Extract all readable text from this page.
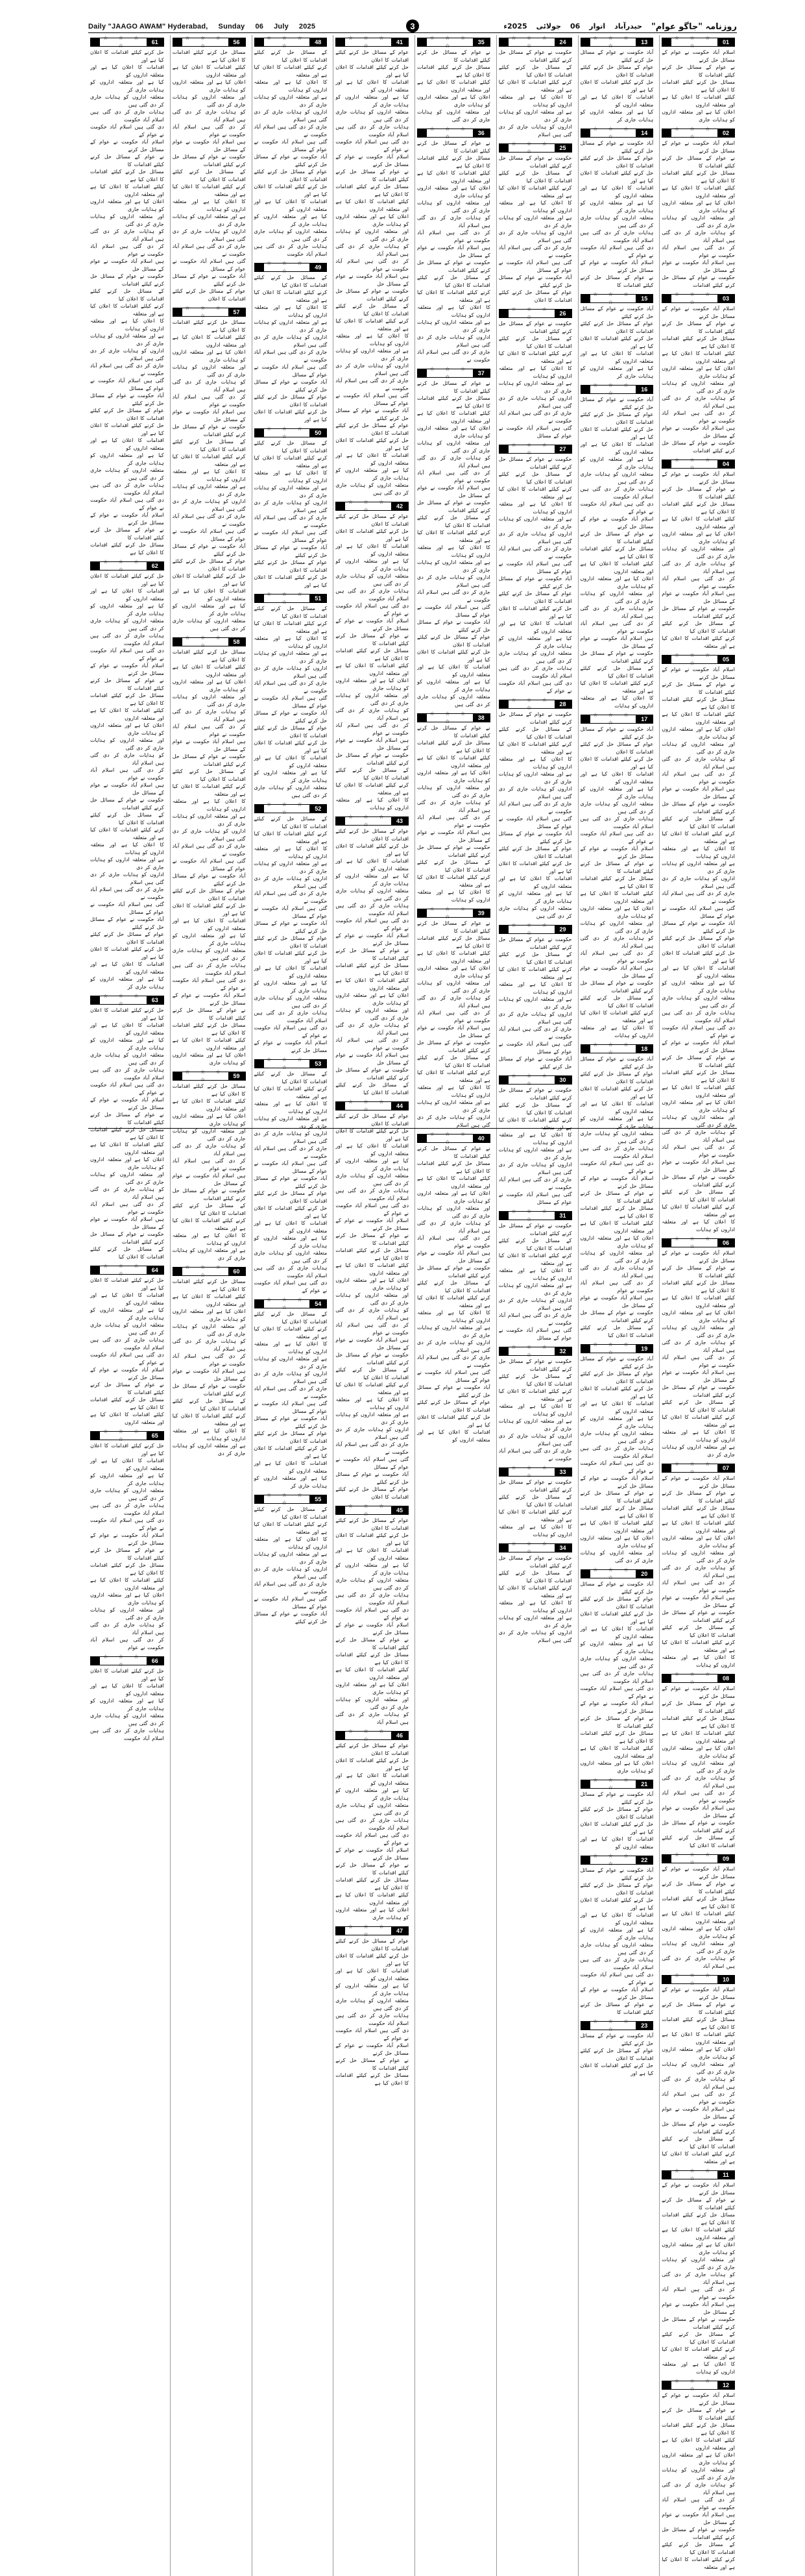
Daily "JAAGO AWAM" Hyderabad, Sunday 06 July 2025	3	روزنامہ "جاگو عوام"
حیدرآباد
اتوار
06
جولائی
2025ء
☆ ☆ ☆ ☆
01
اسلام آباد حکومت نے عوام کے مسائل حل کرنے
نے عوام کے مسائل حل کرنے کیلئے اقدامات کا
مسائل حل کرنے کیلئے اقدامات کا اعلان کیا ہے
کیلئے اقدامات کا اعلان کیا ہے اور متعلقہ اداروں
اعلان کیا ہے اور متعلقہ اداروں کو ہدایات جاری
☆ ☆ ☆ ☆
02
اسلام آباد حکومت نے عوام کے مسائل حل کرنے
نے عوام کے مسائل حل کرنے کیلئے اقدامات کا
مسائل حل کرنے کیلئے اقدامات کا اعلان کیا ہے
کیلئے اقدامات کا اعلان کیا ہے اور متعلقہ اداروں
اعلان کیا ہے اور متعلقہ اداروں کو ہدایات جاری
اور متعلقہ اداروں کو ہدایات جاری کر دی گئی
کو ہدایات جاری کر دی گئی ہیں اسلام آباد
کر دی گئی ہیں اسلام آباد حکومت نے عوام
ہیں اسلام آباد حکومت نے عوام کے مسائل حل
حکومت نے عوام کے مسائل حل کرنے کیلئے اقدامات
☆ ☆ ☆ ☆
03
اسلام آباد حکومت نے عوام کے مسائل حل کرنے
نے عوام کے مسائل حل کرنے کیلئے اقدامات کا
مسائل حل کرنے کیلئے اقدامات کا اعلان کیا ہے
کیلئے اقدامات کا اعلان کیا ہے اور متعلقہ اداروں
اعلان کیا ہے اور متعلقہ اداروں کو ہدایات جاری
اور متعلقہ اداروں کو ہدایات جاری کر دی گئی
کو ہدایات جاری کر دی گئی ہیں اسلام آباد
کر دی گئی ہیں اسلام آباد حکومت نے عوام
ہیں اسلام آباد حکومت نے عوام کے مسائل حل
حکومت نے عوام کے مسائل حل کرنے کیلئے اقدامات
☆ ☆ ☆ ☆
04
اسلام آباد حکومت نے عوام کے مسائل حل کرنے
نے عوام کے مسائل حل کرنے کیلئے اقدامات کا
مسائل حل کرنے کیلئے اقدامات کا اعلان کیا ہے
کیلئے اقدامات کا اعلان کیا ہے اور متعلقہ اداروں
اعلان کیا ہے اور متعلقہ اداروں کو ہدایات جاری
اور متعلقہ اداروں کو ہدایات جاری کر دی گئی
کو ہدایات جاری کر دی گئی ہیں اسلام آباد
کر دی گئی ہیں اسلام آباد حکومت نے عوام
ہیں اسلام آباد حکومت نے عوام کے مسائل حل
حکومت نے عوام کے مسائل حل کرنے کیلئے اقدامات
کے مسائل حل کرنے کیلئے اقدامات کا اعلان کیا
کرنے کیلئے اقدامات کا اعلان کیا ہے اور متعلقہ
☆ ☆ ☆ ☆
05
اسلام آباد حکومت نے عوام کے مسائل حل کرنے
نے عوام کے مسائل حل کرنے کیلئے اقدامات کا
مسائل حل کرنے کیلئے اقدامات کا اعلان کیا ہے
کیلئے اقدامات کا اعلان کیا ہے اور متعلقہ اداروں
اعلان کیا ہے اور متعلقہ اداروں کو ہدایات جاری
اور متعلقہ اداروں کو ہدایات جاری کر دی گئی
کو ہدایات جاری کر دی گئی ہیں اسلام آباد
کر دی گئی ہیں اسلام آباد حکومت نے عوام
ہیں اسلام آباد حکومت نے عوام کے مسائل حل
حکومت نے عوام کے مسائل حل کرنے کیلئے اقدامات
کے مسائل حل کرنے کیلئے اقدامات کا اعلان کیا
کرنے کیلئے اقدامات کا اعلان کیا ہے اور متعلقہ
کا اعلان کیا ہے اور متعلقہ اداروں کو ہدایات
ہے اور متعلقہ اداروں کو ہدایات جاری کر دی
اداروں کو ہدایات جاری کر دی گئی ہیں اسلام
جاری کر دی گئی ہیں اسلام آباد حکومت نے
گئی ہیں اسلام آباد حکومت نے عوام کے مسائل
آباد حکومت نے عوام کے مسائل حل کرنے کیلئے
عوام کے مسائل حل کرنے کیلئے اقدامات کا اعلان
حل کرنے کیلئے اقدامات کا اعلان کیا ہے اور
اقدامات کا اعلان کیا ہے اور متعلقہ اداروں کو
کیا ہے اور متعلقہ اداروں کو ہدایات جاری کر
متعلقہ اداروں کو ہدایات جاری کر دی گئی ہیں
ہدایات جاری کر دی گئی ہیں اسلام آباد حکومت
دی گئی ہیں اسلام آباد حکومت نے عوام کے
اسلام آباد حکومت نے عوام کے مسائل حل کرنے
نے عوام کے مسائل حل کرنے کیلئے اقدامات کا
مسائل حل کرنے کیلئے اقدامات کا اعلان کیا ہے
کیلئے اقدامات کا اعلان کیا ہے اور متعلقہ اداروں
اعلان کیا ہے اور متعلقہ اداروں کو ہدایات جاری
اور متعلقہ اداروں کو ہدایات جاری کر دی گئی
کو ہدایات جاری کر دی گئی ہیں اسلام آباد
کر دی گئی ہیں اسلام آباد حکومت نے عوام
ہیں اسلام آباد حکومت نے عوام کے مسائل حل
حکومت نے عوام کے مسائل حل کرنے کیلئے اقدامات
کے مسائل حل کرنے کیلئے اقدامات کا اعلان کیا
کرنے کیلئے اقدامات کا اعلان کیا ہے اور متعلقہ
کا اعلان کیا ہے اور متعلقہ اداروں کو ہدایات
☆ ☆ ☆ ☆
06
اسلام آباد حکومت نے عوام کے مسائل حل کرنے
نے عوام کے مسائل حل کرنے کیلئے اقدامات کا
مسائل حل کرنے کیلئے اقدامات کا اعلان کیا ہے
کیلئے اقدامات کا اعلان کیا ہے اور متعلقہ اداروں
اعلان کیا ہے اور متعلقہ اداروں کو ہدایات جاری
اور متعلقہ اداروں کو ہدایات جاری کر دی گئی
کو ہدایات جاری کر دی گئی ہیں اسلام آباد
کر دی گئی ہیں اسلام آباد حکومت نے عوام
ہیں اسلام آباد حکومت نے عوام کے مسائل حل
حکومت نے عوام کے مسائل حل کرنے کیلئے اقدامات
کے مسائل حل کرنے کیلئے اقدامات کا اعلان کیا
کرنے کیلئے اقدامات کا اعلان کیا ہے اور متعلقہ
کا اعلان کیا ہے اور متعلقہ اداروں کو ہدایات
ہے اور متعلقہ اداروں کو ہدایات جاری کر دی
☆ ☆ ☆ ☆
07
اسلام آباد حکومت نے عوام کے مسائل حل کرنے
نے عوام کے مسائل حل کرنے کیلئے اقدامات کا
مسائل حل کرنے کیلئے اقدامات کا اعلان کیا ہے
کیلئے اقدامات کا اعلان کیا ہے اور متعلقہ اداروں
اعلان کیا ہے اور متعلقہ اداروں کو ہدایات جاری
اور متعلقہ اداروں کو ہدایات جاری کر دی گئی
کو ہدایات جاری کر دی گئی ہیں اسلام آباد
کر دی گئی ہیں اسلام آباد حکومت نے عوام
ہیں اسلام آباد حکومت نے عوام کے مسائل حل
حکومت نے عوام کے مسائل حل کرنے کیلئے اقدامات
کے مسائل حل کرنے کیلئے اقدامات کا اعلان کیا
کرنے کیلئے اقدامات کا اعلان کیا ہے اور متعلقہ
کا اعلان کیا ہے اور متعلقہ اداروں کو ہدایات
☆ ☆ ☆ ☆
08
اسلام آباد حکومت نے عوام کے مسائل حل کرنے
نے عوام کے مسائل حل کرنے کیلئے اقدامات کا
مسائل حل کرنے کیلئے اقدامات کا اعلان کیا ہے
کیلئے اقدامات کا اعلان کیا ہے اور متعلقہ اداروں
اعلان کیا ہے اور متعلقہ اداروں کو ہدایات جاری
اور متعلقہ اداروں کو ہدایات جاری کر دی گئی
کو ہدایات جاری کر دی گئی ہیں اسلام آباد
کر دی گئی ہیں اسلام آباد حکومت نے عوام
ہیں اسلام آباد حکومت نے عوام کے مسائل حل
حکومت نے عوام کے مسائل حل کرنے کیلئے اقدامات
کے مسائل حل کرنے کیلئے اقدامات کا اعلان کیا
☆ ☆ ☆ ☆
09
اسلام آباد حکومت نے عوام کے مسائل حل کرنے
نے عوام کے مسائل حل کرنے کیلئے اقدامات کا
مسائل حل کرنے کیلئے اقدامات کا اعلان کیا ہے
کیلئے اقدامات کا اعلان کیا ہے اور متعلقہ اداروں
اعلان کیا ہے اور متعلقہ اداروں کو ہدایات جاری
اور متعلقہ اداروں کو ہدایات جاری کر دی گئی
کو ہدایات جاری کر دی گئی ہیں اسلام آباد
☆ ☆ ☆ ☆
10
اسلام آباد حکومت نے عوام کے مسائل حل کرنے
نے عوام کے مسائل حل کرنے کیلئے اقدامات کا
مسائل حل کرنے کیلئے اقدامات کا اعلان کیا ہے
کیلئے اقدامات کا اعلان کیا ہے اور متعلقہ اداروں
اعلان کیا ہے اور متعلقہ اداروں کو ہدایات جاری
اور متعلقہ اداروں کو ہدایات جاری کر دی گئی
کو ہدایات جاری کر دی گئی ہیں اسلام آباد
کر دی گئی ہیں اسلام آباد حکومت نے عوام
ہیں اسلام آباد حکومت نے عوام کے مسائل حل
حکومت نے عوام کے مسائل حل کرنے کیلئے اقدامات
کے مسائل حل کرنے کیلئے اقدامات کا اعلان کیا
کرنے کیلئے اقدامات کا اعلان کیا ہے اور متعلقہ
☆ ☆ ☆ ☆
11
اسلام آباد حکومت نے عوام کے مسائل حل کرنے
نے عوام کے مسائل حل کرنے کیلئے اقدامات کا
مسائل حل کرنے کیلئے اقدامات کا اعلان کیا ہے
کیلئے اقدامات کا اعلان کیا ہے اور متعلقہ اداروں
اعلان کیا ہے اور متعلقہ اداروں کو ہدایات جاری
اور متعلقہ اداروں کو ہدایات جاری کر دی گئی
کو ہدایات جاری کر دی گئی ہیں اسلام آباد
کر دی گئی ہیں اسلام آباد حکومت نے عوام
ہیں اسلام آباد حکومت نے عوام کے مسائل حل
حکومت نے عوام کے مسائل حل کرنے کیلئے اقدامات
کے مسائل حل کرنے کیلئے اقدامات کا اعلان کیا
کرنے کیلئے اقدامات کا اعلان کیا ہے اور متعلقہ
کا اعلان کیا ہے اور متعلقہ اداروں کو ہدایات
☆ ☆ ☆ ☆
12
اسلام آباد حکومت نے عوام کے مسائل حل کرنے
نے عوام کے مسائل حل کرنے کیلئے اقدامات کا
مسائل حل کرنے کیلئے اقدامات کا اعلان کیا ہے
کیلئے اقدامات کا اعلان کیا ہے اور متعلقہ اداروں
اعلان کیا ہے اور متعلقہ اداروں کو ہدایات جاری
اور متعلقہ اداروں کو ہدایات جاری کر دی گئی
کو ہدایات جاری کر دی گئی ہیں اسلام آباد
کر دی گئی ہیں اسلام آباد حکومت نے عوام
ہیں اسلام آباد حکومت نے عوام کے مسائل حل
حکومت نے عوام کے مسائل حل کرنے کیلئے اقدامات
کے مسائل حل کرنے کیلئے اقدامات کا اعلان کیا
کرنے کیلئے اقدامات کا اعلان کیا ہے اور متعلقہ
☆ ☆ ☆ ☆
13
آباد حکومت نے عوام کے مسائل حل کرنے کیلئے
عوام کے مسائل حل کرنے کیلئے اقدامات کا اعلان
حل کرنے کیلئے اقدامات کا اعلان کیا ہے اور
اقدامات کا اعلان کیا ہے اور متعلقہ اداروں کو
کیا ہے اور متعلقہ اداروں کو ہدایات جاری کر
☆ ☆ ☆ ☆
14
آباد حکومت نے عوام کے مسائل حل کرنے کیلئے
عوام کے مسائل حل کرنے کیلئے اقدامات کا اعلان
حل کرنے کیلئے اقدامات کا اعلان کیا ہے اور
اقدامات کا اعلان کیا ہے اور متعلقہ اداروں کو
کیا ہے اور متعلقہ اداروں کو ہدایات جاری کر
متعلقہ اداروں کو ہدایات جاری کر دی گئی ہیں
ہدایات جاری کر دی گئی ہیں اسلام آباد حکومت
دی گئی ہیں اسلام آباد حکومت نے عوام کے
اسلام آباد حکومت نے عوام کے مسائل حل کرنے
نے عوام کے مسائل حل کرنے کیلئے اقدامات کا
☆ ☆ ☆ ☆
15
آباد حکومت نے عوام کے مسائل حل کرنے کیلئے
عوام کے مسائل حل کرنے کیلئے اقدامات کا اعلان
حل کرنے کیلئے اقدامات کا اعلان کیا ہے اور
اقدامات کا اعلان کیا ہے اور متعلقہ اداروں کو
کیا ہے اور متعلقہ اداروں کو ہدایات جاری کر
☆ ☆ ☆ ☆
16
آباد حکومت نے عوام کے مسائل حل کرنے کیلئے
عوام کے مسائل حل کرنے کیلئے اقدامات کا اعلان
حل کرنے کیلئے اقدامات کا اعلان کیا ہے اور
اقدامات کا اعلان کیا ہے اور متعلقہ اداروں کو
کیا ہے اور متعلقہ اداروں کو ہدایات جاری کر
متعلقہ اداروں کو ہدایات جاری کر دی گئی ہیں
ہدایات جاری کر دی گئی ہیں اسلام آباد حکومت
دی گئی ہیں اسلام آباد حکومت نے عوام کے
اسلام آباد حکومت نے عوام کے مسائل حل کرنے
نے عوام کے مسائل حل کرنے کیلئے اقدامات کا
مسائل حل کرنے کیلئے اقدامات کا اعلان کیا ہے
کیلئے اقدامات کا اعلان کیا ہے اور متعلقہ اداروں
اعلان کیا ہے اور متعلقہ اداروں کو ہدایات جاری
اور متعلقہ اداروں کو ہدایات جاری کر دی گئی
کو ہدایات جاری کر دی گئی ہیں اسلام آباد
کر دی گئی ہیں اسلام آباد حکومت نے عوام
ہیں اسلام آباد حکومت نے عوام کے مسائل حل
حکومت نے عوام کے مسائل حل کرنے کیلئے اقدامات
کے مسائل حل کرنے کیلئے اقدامات کا اعلان کیا
کرنے کیلئے اقدامات کا اعلان کیا ہے اور متعلقہ
کا اعلان کیا ہے اور متعلقہ اداروں کو ہدایات
☆ ☆ ☆ ☆
17
آباد حکومت نے عوام کے مسائل حل کرنے کیلئے
عوام کے مسائل حل کرنے کیلئے اقدامات کا اعلان
حل کرنے کیلئے اقدامات کا اعلان کیا ہے اور
اقدامات کا اعلان کیا ہے اور متعلقہ اداروں کو
کیا ہے اور متعلقہ اداروں کو ہدایات جاری کر
متعلقہ اداروں کو ہدایات جاری کر دی گئی ہیں
ہدایات جاری کر دی گئی ہیں اسلام آباد حکومت
دی گئی ہیں اسلام آباد حکومت نے عوام کے
اسلام آباد حکومت نے عوام کے مسائل حل کرنے
نے عوام کے مسائل حل کرنے کیلئے اقدامات کا
مسائل حل کرنے کیلئے اقدامات کا اعلان کیا ہے
کیلئے اقدامات کا اعلان کیا ہے اور متعلقہ اداروں
اعلان کیا ہے اور متعلقہ اداروں کو ہدایات جاری
اور متعلقہ اداروں کو ہدایات جاری کر دی گئی
کو ہدایات جاری کر دی گئی ہیں اسلام آباد
کر دی گئی ہیں اسلام آباد حکومت نے عوام
ہیں اسلام آباد حکومت نے عوام کے مسائل حل
حکومت نے عوام کے مسائل حل کرنے کیلئے اقدامات
کے مسائل حل کرنے کیلئے اقدامات کا اعلان کیا
کرنے کیلئے اقدامات کا اعلان کیا ہے اور متعلقہ
کا اعلان کیا ہے اور متعلقہ اداروں کو ہدایات
☆ ☆ ☆ ☆
18
آباد حکومت نے عوام کے مسائل حل کرنے کیلئے
عوام کے مسائل حل کرنے کیلئے اقدامات کا اعلان
حل کرنے کیلئے اقدامات کا اعلان کیا ہے اور
اقدامات کا اعلان کیا ہے اور متعلقہ اداروں کو
کیا ہے اور متعلقہ اداروں کو ہدایات جاری کر
متعلقہ اداروں کو ہدایات جاری کر دی گئی ہیں
ہدایات جاری کر دی گئی ہیں اسلام آباد حکومت
دی گئی ہیں اسلام آباد حکومت نے عوام کے
اسلام آباد حکومت نے عوام کے مسائل حل کرنے
نے عوام کے مسائل حل کرنے کیلئے اقدامات کا
مسائل حل کرنے کیلئے اقدامات کا اعلان کیا ہے
کیلئے اقدامات کا اعلان کیا ہے اور متعلقہ اداروں
اعلان کیا ہے اور متعلقہ اداروں کو ہدایات جاری
اور متعلقہ اداروں کو ہدایات جاری کر دی گئی
کو ہدایات جاری کر دی گئی ہیں اسلام آباد
کر دی گئی ہیں اسلام آباد حکومت نے عوام
ہیں اسلام آباد حکومت نے عوام کے مسائل حل
حکومت نے عوام کے مسائل حل کرنے کیلئے اقدامات
کے مسائل حل کرنے کیلئے اقدامات کا اعلان کیا
☆ ☆ ☆ ☆
19
آباد حکومت نے عوام کے مسائل حل کرنے کیلئے
عوام کے مسائل حل کرنے کیلئے اقدامات کا اعلان
حل کرنے کیلئے اقدامات کا اعلان کیا ہے اور
اقدامات کا اعلان کیا ہے اور متعلقہ اداروں کو
کیا ہے اور متعلقہ اداروں کو ہدایات جاری کر
متعلقہ اداروں کو ہدایات جاری کر دی گئی ہیں
ہدایات جاری کر دی گئی ہیں اسلام آباد حکومت
دی گئی ہیں اسلام آباد حکومت نے عوام کے
اسلام آباد حکومت نے عوام کے مسائل حل کرنے
نے عوام کے مسائل حل کرنے کیلئے اقدامات کا
مسائل حل کرنے کیلئے اقدامات کا اعلان کیا ہے
کیلئے اقدامات کا اعلان کیا ہے اور متعلقہ اداروں
اعلان کیا ہے اور متعلقہ اداروں کو ہدایات جاری
اور متعلقہ اداروں کو ہدایات جاری کر دی گئی
☆ ☆ ☆ ☆
20
آباد حکومت نے عوام کے مسائل حل کرنے کیلئے
عوام کے مسائل حل کرنے کیلئے اقدامات کا اعلان
حل کرنے کیلئے اقدامات کا اعلان کیا ہے اور
اقدامات کا اعلان کیا ہے اور متعلقہ اداروں کو
کیا ہے اور متعلقہ اداروں کو ہدایات جاری کر
متعلقہ اداروں کو ہدایات جاری کر دی گئی ہیں
ہدایات جاری کر دی گئی ہیں اسلام آباد حکومت
دی گئی ہیں اسلام آباد حکومت نے عوام کے
اسلام آباد حکومت نے عوام کے مسائل حل کرنے
نے عوام کے مسائل حل کرنے کیلئے اقدامات کا
مسائل حل کرنے کیلئے اقدامات کا اعلان کیا ہے
کیلئے اقدامات کا اعلان کیا ہے اور متعلقہ اداروں
اعلان کیا ہے اور متعلقہ اداروں کو ہدایات جاری
☆ ☆ ☆ ☆
21
آباد حکومت نے عوام کے مسائل حل کرنے کیلئے
عوام کے مسائل حل کرنے کیلئے اقدامات کا اعلان
حل کرنے کیلئے اقدامات کا اعلان کیا ہے اور
اقدامات کا اعلان کیا ہے اور متعلقہ اداروں کو
☆ ☆ ☆ ☆
22
آباد حکومت نے عوام کے مسائل حل کرنے کیلئے
عوام کے مسائل حل کرنے کیلئے اقدامات کا اعلان
حل کرنے کیلئے اقدامات کا اعلان کیا ہے اور
اقدامات کا اعلان کیا ہے اور متعلقہ اداروں کو
کیا ہے اور متعلقہ اداروں کو ہدایات جاری کر
متعلقہ اداروں کو ہدایات جاری کر دی گئی ہیں
ہدایات جاری کر دی گئی ہیں اسلام آباد حکومت
دی گئی ہیں اسلام آباد حکومت نے عوام کے
اسلام آباد حکومت نے عوام کے مسائل حل کرنے
نے عوام کے مسائل حل کرنے کیلئے اقدامات کا
☆ ☆ ☆ ☆
23
آباد حکومت نے عوام کے مسائل حل کرنے کیلئے
عوام کے مسائل حل کرنے کیلئے اقدامات کا اعلان
حل کرنے کیلئے اقدامات کا اعلان کیا ہے اور
☆ ☆ ☆ ☆
24
حکومت نے عوام کے مسائل حل کرنے کیلئے اقدامات
کے مسائل حل کرنے کیلئے اقدامات کا اعلان کیا
کرنے کیلئے اقدامات کا اعلان کیا ہے اور متعلقہ
کا اعلان کیا ہے اور متعلقہ اداروں کو ہدایات
ہے اور متعلقہ اداروں کو ہدایات جاری کر دی
اداروں کو ہدایات جاری کر دی گئی ہیں اسلام
☆ ☆ ☆ ☆
25
حکومت نے عوام کے مسائل حل کرنے کیلئے اقدامات
کے مسائل حل کرنے کیلئے اقدامات کا اعلان کیا
کرنے کیلئے اقدامات کا اعلان کیا ہے اور متعلقہ
کا اعلان کیا ہے اور متعلقہ اداروں کو ہدایات
ہے اور متعلقہ اداروں کو ہدایات جاری کر دی
اداروں کو ہدایات جاری کر دی گئی ہیں اسلام
جاری کر دی گئی ہیں اسلام آباد حکومت نے
گئی ہیں اسلام آباد حکومت نے عوام کے مسائل
آباد حکومت نے عوام کے مسائل حل کرنے کیلئے
عوام کے مسائل حل کرنے کیلئے اقدامات کا اعلان
☆ ☆ ☆ ☆
26
حکومت نے عوام کے مسائل حل کرنے کیلئے اقدامات
کے مسائل حل کرنے کیلئے اقدامات کا اعلان کیا
کرنے کیلئے اقدامات کا اعلان کیا ہے اور متعلقہ
کا اعلان کیا ہے اور متعلقہ اداروں کو ہدایات
ہے اور متعلقہ اداروں کو ہدایات جاری کر دی
اداروں کو ہدایات جاری کر دی گئی ہیں اسلام
جاری کر دی گئی ہیں اسلام آباد حکومت نے
گئی ہیں اسلام آباد حکومت نے عوام کے مسائل
☆ ☆ ☆ ☆
27
حکومت نے عوام کے مسائل حل کرنے کیلئے اقدامات
کے مسائل حل کرنے کیلئے اقدامات کا اعلان کیا
کرنے کیلئے اقدامات کا اعلان کیا ہے اور متعلقہ
کا اعلان کیا ہے اور متعلقہ اداروں کو ہدایات
ہے اور متعلقہ اداروں کو ہدایات جاری کر دی
اداروں کو ہدایات جاری کر دی گئی ہیں اسلام
جاری کر دی گئی ہیں اسلام آباد حکومت نے
گئی ہیں اسلام آباد حکومت نے عوام کے مسائل
آباد حکومت نے عوام کے مسائل حل کرنے کیلئے
عوام کے مسائل حل کرنے کیلئے اقدامات کا اعلان
حل کرنے کیلئے اقدامات کا اعلان کیا ہے اور
اقدامات کا اعلان کیا ہے اور متعلقہ اداروں کو
کیا ہے اور متعلقہ اداروں کو ہدایات جاری کر
متعلقہ اداروں کو ہدایات جاری کر دی گئی ہیں
ہدایات جاری کر دی گئی ہیں اسلام آباد حکومت
دی گئی ہیں اسلام آباد حکومت نے عوام کے
☆ ☆ ☆ ☆
28
حکومت نے عوام کے مسائل حل کرنے کیلئے اقدامات
کے مسائل حل کرنے کیلئے اقدامات کا اعلان کیا
کرنے کیلئے اقدامات کا اعلان کیا ہے اور متعلقہ
کا اعلان کیا ہے اور متعلقہ اداروں کو ہدایات
ہے اور متعلقہ اداروں کو ہدایات جاری کر دی
اداروں کو ہدایات جاری کر دی گئی ہیں اسلام
جاری کر دی گئی ہیں اسلام آباد حکومت نے
گئی ہیں اسلام آباد حکومت نے عوام کے مسائل
آباد حکومت نے عوام کے مسائل حل کرنے کیلئے
عوام کے مسائل حل کرنے کیلئے اقدامات کا اعلان
حل کرنے کیلئے اقدامات کا اعلان کیا ہے اور
اقدامات کا اعلان کیا ہے اور متعلقہ اداروں کو
کیا ہے اور متعلقہ اداروں کو ہدایات جاری کر
متعلقہ اداروں کو ہدایات جاری کر دی گئی ہیں
☆ ☆ ☆ ☆
29
حکومت نے عوام کے مسائل حل کرنے کیلئے اقدامات
کے مسائل حل کرنے کیلئے اقدامات کا اعلان کیا
کرنے کیلئے اقدامات کا اعلان کیا ہے اور متعلقہ
کا اعلان کیا ہے اور متعلقہ اداروں کو ہدایات
ہے اور متعلقہ اداروں کو ہدایات جاری کر دی
اداروں کو ہدایات جاری کر دی گئی ہیں اسلام
جاری کر دی گئی ہیں اسلام آباد حکومت نے
گئی ہیں اسلام آباد حکومت نے عوام کے مسائل
آباد حکومت نے عوام کے مسائل حل کرنے کیلئے
☆ ☆ ☆ ☆
30
حکومت نے عوام کے مسائل حل کرنے کیلئے اقدامات
کے مسائل حل کرنے کیلئے اقدامات کا اعلان کیا
کرنے کیلئے اقدامات کا اعلان کیا ہے اور متعلقہ
کا اعلان کیا ہے اور متعلقہ اداروں کو ہدایات
ہے اور متعلقہ اداروں کو ہدایات جاری کر دی
اداروں کو ہدایات جاری کر دی گئی ہیں اسلام
جاری کر دی گئی ہیں اسلام آباد حکومت نے
گئی ہیں اسلام آباد حکومت نے عوام کے مسائل
☆ ☆ ☆ ☆
31
حکومت نے عوام کے مسائل حل کرنے کیلئے اقدامات
کے مسائل حل کرنے کیلئے اقدامات کا اعلان کیا
کرنے کیلئے اقدامات کا اعلان کیا ہے اور متعلقہ
کا اعلان کیا ہے اور متعلقہ اداروں کو ہدایات
ہے اور متعلقہ اداروں کو ہدایات جاری کر دی
اداروں کو ہدایات جاری کر دی گئی ہیں اسلام
جاری کر دی گئی ہیں اسلام آباد حکومت نے
گئی ہیں اسلام آباد حکومت نے عوام کے مسائل
☆ ☆ ☆ ☆
32
حکومت نے عوام کے مسائل حل کرنے کیلئے اقدامات
کے مسائل حل کرنے کیلئے اقدامات کا اعلان کیا
کرنے کیلئے اقدامات کا اعلان کیا ہے اور متعلقہ
کا اعلان کیا ہے اور متعلقہ اداروں کو ہدایات
ہے اور متعلقہ اداروں کو ہدایات جاری کر دی
اداروں کو ہدایات جاری کر دی گئی ہیں اسلام
جاری کر دی گئی ہیں اسلام آباد حکومت نے
☆ ☆ ☆ ☆
33
حکومت نے عوام کے مسائل حل کرنے کیلئے اقدامات
کے مسائل حل کرنے کیلئے اقدامات کا اعلان کیا
کرنے کیلئے اقدامات کا اعلان کیا ہے اور متعلقہ
کا اعلان کیا ہے اور متعلقہ اداروں کو ہدایات
☆ ☆ ☆ ☆
34
حکومت نے عوام کے مسائل حل کرنے کیلئے اقدامات
کے مسائل حل کرنے کیلئے اقدامات کا اعلان کیا
کرنے کیلئے اقدامات کا اعلان کیا ہے اور متعلقہ
کا اعلان کیا ہے اور متعلقہ اداروں کو ہدایات
ہے اور متعلقہ اداروں کو ہدایات جاری کر دی
اداروں کو ہدایات جاری کر دی گئی ہیں اسلام
☆ ☆ ☆ ☆
35
نے عوام کے مسائل حل کرنے کیلئے اقدامات کا
مسائل حل کرنے کیلئے اقدامات کا اعلان کیا ہے
کیلئے اقدامات کا اعلان کیا ہے اور متعلقہ اداروں
اعلان کیا ہے اور متعلقہ اداروں کو ہدایات جاری
اور متعلقہ اداروں کو ہدایات جاری کر دی گئی
☆ ☆ ☆ ☆
36
نے عوام کے مسائل حل کرنے کیلئے اقدامات کا
مسائل حل کرنے کیلئے اقدامات کا اعلان کیا ہے
کیلئے اقدامات کا اعلان کیا ہے اور متعلقہ اداروں
اعلان کیا ہے اور متعلقہ اداروں کو ہدایات جاری
اور متعلقہ اداروں کو ہدایات جاری کر دی گئی
کو ہدایات جاری کر دی گئی ہیں اسلام آباد
کر دی گئی ہیں اسلام آباد حکومت نے عوام
ہیں اسلام آباد حکومت نے عوام کے مسائل حل
حکومت نے عوام کے مسائل حل کرنے کیلئے اقدامات
کے مسائل حل کرنے کیلئے اقدامات کا اعلان کیا
کرنے کیلئے اقدامات کا اعلان کیا ہے اور متعلقہ
کا اعلان کیا ہے اور متعلقہ اداروں کو ہدایات
ہے اور متعلقہ اداروں کو ہدایات جاری کر دی
اداروں کو ہدایات جاری کر دی گئی ہیں اسلام
جاری کر دی گئی ہیں اسلام آباد حکومت نے
☆ ☆ ☆ ☆
37
نے عوام کے مسائل حل کرنے کیلئے اقدامات کا
مسائل حل کرنے کیلئے اقدامات کا اعلان کیا ہے
کیلئے اقدامات کا اعلان کیا ہے اور متعلقہ اداروں
اعلان کیا ہے اور متعلقہ اداروں کو ہدایات جاری
اور متعلقہ اداروں کو ہدایات جاری کر دی گئی
کو ہدایات جاری کر دی گئی ہیں اسلام آباد
کر دی گئی ہیں اسلام آباد حکومت نے عوام
ہیں اسلام آباد حکومت نے عوام کے مسائل حل
حکومت نے عوام کے مسائل حل کرنے کیلئے اقدامات
کے مسائل حل کرنے کیلئے اقدامات کا اعلان کیا
کرنے کیلئے اقدامات کا اعلان کیا ہے اور متعلقہ
کا اعلان کیا ہے اور متعلقہ اداروں کو ہدایات
ہے اور متعلقہ اداروں کو ہدایات جاری کر دی
اداروں کو ہدایات جاری کر دی گئی ہیں اسلام
جاری کر دی گئی ہیں اسلام آباد حکومت نے
گئی ہیں اسلام آباد حکومت نے عوام کے مسائل
آباد حکومت نے عوام کے مسائل حل کرنے کیلئے
عوام کے مسائل حل کرنے کیلئے اقدامات کا اعلان
حل کرنے کیلئے اقدامات کا اعلان کیا ہے اور
اقدامات کا اعلان کیا ہے اور متعلقہ اداروں کو
کیا ہے اور متعلقہ اداروں کو ہدایات جاری کر
متعلقہ اداروں کو ہدایات جاری کر دی گئی ہیں
☆ ☆ ☆ ☆
38
نے عوام کے مسائل حل کرنے کیلئے اقدامات کا
مسائل حل کرنے کیلئے اقدامات کا اعلان کیا ہے
کیلئے اقدامات کا اعلان کیا ہے اور متعلقہ اداروں
اعلان کیا ہے اور متعلقہ اداروں کو ہدایات جاری
اور متعلقہ اداروں کو ہدایات جاری کر دی گئی
کو ہدایات جاری کر دی گئی ہیں اسلام آباد
کر دی گئی ہیں اسلام آباد حکومت نے عوام
ہیں اسلام آباد حکومت نے عوام کے مسائل حل
حکومت نے عوام کے مسائل حل کرنے کیلئے اقدامات
کے مسائل حل کرنے کیلئے اقدامات کا اعلان کیا
کرنے کیلئے اقدامات کا اعلان کیا ہے اور متعلقہ
کا اعلان کیا ہے اور متعلقہ اداروں کو ہدایات
☆ ☆ ☆ ☆
39
نے عوام کے مسائل حل کرنے کیلئے اقدامات کا
مسائل حل کرنے کیلئے اقدامات کا اعلان کیا ہے
کیلئے اقدامات کا اعلان کیا ہے اور متعلقہ اداروں
اعلان کیا ہے اور متعلقہ اداروں کو ہدایات جاری
اور متعلقہ اداروں کو ہدایات جاری کر دی گئی
کو ہدایات جاری کر دی گئی ہیں اسلام آباد
کر دی گئی ہیں اسلام آباد حکومت نے عوام
ہیں اسلام آباد حکومت نے عوام کے مسائل حل
حکومت نے عوام کے مسائل حل کرنے کیلئے اقدامات
کے مسائل حل کرنے کیلئے اقدامات کا اعلان کیا
کرنے کیلئے اقدامات کا اعلان کیا ہے اور متعلقہ
کا اعلان کیا ہے اور متعلقہ اداروں کو ہدایات
ہے اور متعلقہ اداروں کو ہدایات جاری کر دی
اداروں کو ہدایات جاری کر دی گئی ہیں اسلام
☆ ☆ ☆ ☆
40
نے عوام کے مسائل حل کرنے کیلئے اقدامات کا
مسائل حل کرنے کیلئے اقدامات کا اعلان کیا ہے
کیلئے اقدامات کا اعلان کیا ہے اور متعلقہ اداروں
اعلان کیا ہے اور متعلقہ اداروں کو ہدایات جاری
اور متعلقہ اداروں کو ہدایات جاری کر دی گئی
کو ہدایات جاری کر دی گئی ہیں اسلام آباد
کر دی گئی ہیں اسلام آباد حکومت نے عوام
ہیں اسلام آباد حکومت نے عوام کے مسائل حل
حکومت نے عوام کے مسائل حل کرنے کیلئے اقدامات
کے مسائل حل کرنے کیلئے اقدامات کا اعلان کیا
کرنے کیلئے اقدامات کا اعلان کیا ہے اور متعلقہ
کا اعلان کیا ہے اور متعلقہ اداروں کو ہدایات
ہے اور متعلقہ اداروں کو ہدایات جاری کر دی
اداروں کو ہدایات جاری کر دی گئی ہیں اسلام
جاری کر دی گئی ہیں اسلام آباد حکومت نے
گئی ہیں اسلام آباد حکومت نے عوام کے مسائل
آباد حکومت نے عوام کے مسائل حل کرنے کیلئے
عوام کے مسائل حل کرنے کیلئے اقدامات کا اعلان
حل کرنے کیلئے اقدامات کا اعلان کیا ہے اور
اقدامات کا اعلان کیا ہے اور متعلقہ اداروں کو
☆ ☆ ☆ ☆
41
عوام کے مسائل حل کرنے کیلئے اقدامات کا اعلان
حل کرنے کیلئے اقدامات کا اعلان کیا ہے اور
اقدامات کا اعلان کیا ہے اور متعلقہ اداروں کو
کیا ہے اور متعلقہ اداروں کو ہدایات جاری کر
متعلقہ اداروں کو ہدایات جاری کر دی گئی ہیں
ہدایات جاری کر دی گئی ہیں اسلام آباد حکومت
دی گئی ہیں اسلام آباد حکومت نے عوام کے
اسلام آباد حکومت نے عوام کے مسائل حل کرنے
نے عوام کے مسائل حل کرنے کیلئے اقدامات کا
مسائل حل کرنے کیلئے اقدامات کا اعلان کیا ہے
کیلئے اقدامات کا اعلان کیا ہے اور متعلقہ اداروں
اعلان کیا ہے اور متعلقہ اداروں کو ہدایات جاری
اور متعلقہ اداروں کو ہدایات جاری کر دی گئی
کو ہدایات جاری کر دی گئی ہیں اسلام آباد
کر دی گئی ہیں اسلام آباد حکومت نے عوام
ہیں اسلام آباد حکومت نے عوام کے مسائل حل
حکومت نے عوام کے مسائل حل کرنے کیلئے اقدامات
کے مسائل حل کرنے کیلئے اقدامات کا اعلان کیا
کرنے کیلئے اقدامات کا اعلان کیا ہے اور متعلقہ
کا اعلان کیا ہے اور متعلقہ اداروں کو ہدایات
ہے اور متعلقہ اداروں کو ہدایات جاری کر دی
اداروں کو ہدایات جاری کر دی گئی ہیں اسلام
جاری کر دی گئی ہیں اسلام آباد حکومت نے
گئی ہیں اسلام آباد حکومت نے عوام کے مسائل
آباد حکومت نے عوام کے مسائل حل کرنے کیلئے
عوام کے مسائل حل کرنے کیلئے اقدامات کا اعلان
حل کرنے کیلئے اقدامات کا اعلان کیا ہے اور
اقدامات کا اعلان کیا ہے اور متعلقہ اداروں کو
کیا ہے اور متعلقہ اداروں کو ہدایات جاری کر
متعلقہ اداروں کو ہدایات جاری کر دی گئی ہیں
☆ ☆ ☆ ☆
42
عوام کے مسائل حل کرنے کیلئے اقدامات کا اعلان
حل کرنے کیلئے اقدامات کا اعلان کیا ہے اور
اقدامات کا اعلان کیا ہے اور متعلقہ اداروں کو
کیا ہے اور متعلقہ اداروں کو ہدایات جاری کر
متعلقہ اداروں کو ہدایات جاری کر دی گئی ہیں
ہدایات جاری کر دی گئی ہیں اسلام آباد حکومت
دی گئی ہیں اسلام آباد حکومت نے عوام کے
اسلام آباد حکومت نے عوام کے مسائل حل کرنے
نے عوام کے مسائل حل کرنے کیلئے اقدامات کا
مسائل حل کرنے کیلئے اقدامات کا اعلان کیا ہے
کیلئے اقدامات کا اعلان کیا ہے اور متعلقہ اداروں
اعلان کیا ہے اور متعلقہ اداروں کو ہدایات جاری
اور متعلقہ اداروں کو ہدایات جاری کر دی گئی
کو ہدایات جاری کر دی گئی ہیں اسلام آباد
کر دی گئی ہیں اسلام آباد حکومت نے عوام
ہیں اسلام آباد حکومت نے عوام کے مسائل حل
حکومت نے عوام کے مسائل حل کرنے کیلئے اقدامات
کے مسائل حل کرنے کیلئے اقدامات کا اعلان کیا
کرنے کیلئے اقدامات کا اعلان کیا ہے اور متعلقہ
کا اعلان کیا ہے اور متعلقہ اداروں کو ہدایات
☆ ☆ ☆ ☆
43
عوام کے مسائل حل کرنے کیلئے اقدامات کا اعلان
حل کرنے کیلئے اقدامات کا اعلان کیا ہے اور
اقدامات کا اعلان کیا ہے اور متعلقہ اداروں کو
کیا ہے اور متعلقہ اداروں کو ہدایات جاری کر
متعلقہ اداروں کو ہدایات جاری کر دی گئی ہیں
ہدایات جاری کر دی گئی ہیں اسلام آباد حکومت
دی گئی ہیں اسلام آباد حکومت نے عوام کے
اسلام آباد حکومت نے عوام کے مسائل حل کرنے
نے عوام کے مسائل حل کرنے کیلئے اقدامات کا
مسائل حل کرنے کیلئے اقدامات کا اعلان کیا ہے
کیلئے اقدامات کا اعلان کیا ہے اور متعلقہ اداروں
اعلان کیا ہے اور متعلقہ اداروں کو ہدایات جاری
اور متعلقہ اداروں کو ہدایات جاری کر دی گئی
کو ہدایات جاری کر دی گئی ہیں اسلام آباد
کر دی گئی ہیں اسلام آباد حکومت نے عوام
ہیں اسلام آباد حکومت نے عوام کے مسائل حل
حکومت نے عوام کے مسائل حل کرنے کیلئے اقدامات
کے مسائل حل کرنے کیلئے اقدامات کا اعلان کیا
☆ ☆ ☆ ☆
44
عوام کے مسائل حل کرنے کیلئے اقدامات کا اعلان
حل کرنے کیلئے اقدامات کا اعلان کیا ہے اور
اقدامات کا اعلان کیا ہے اور متعلقہ اداروں کو
کیا ہے اور متعلقہ اداروں کو ہدایات جاری کر
متعلقہ اداروں کو ہدایات جاری کر دی گئی ہیں
ہدایات جاری کر دی گئی ہیں اسلام آباد حکومت
دی گئی ہیں اسلام آباد حکومت نے عوام کے
اسلام آباد حکومت نے عوام کے مسائل حل کرنے
نے عوام کے مسائل حل کرنے کیلئے اقدامات کا
مسائل حل کرنے کیلئے اقدامات کا اعلان کیا ہے
کیلئے اقدامات کا اعلان کیا ہے اور متعلقہ اداروں
اعلان کیا ہے اور متعلقہ اداروں کو ہدایات جاری
اور متعلقہ اداروں کو ہدایات جاری کر دی گئی
کو ہدایات جاری کر دی گئی ہیں اسلام آباد
کر دی گئی ہیں اسلام آباد حکومت نے عوام
ہیں اسلام آباد حکومت نے عوام کے مسائل حل
حکومت نے عوام کے مسائل حل کرنے کیلئے اقدامات
کے مسائل حل کرنے کیلئے اقدامات کا اعلان کیا
کرنے کیلئے اقدامات کا اعلان کیا ہے اور متعلقہ
کا اعلان کیا ہے اور متعلقہ اداروں کو ہدایات
ہے اور متعلقہ اداروں کو ہدایات جاری کر دی
اداروں کو ہدایات جاری کر دی گئی ہیں اسلام
جاری کر دی گئی ہیں اسلام آباد حکومت نے
گئی ہیں اسلام آباد حکومت نے عوام کے مسائل
آباد حکومت نے عوام کے مسائل حل کرنے کیلئے
عوام کے مسائل حل کرنے کیلئے اقدامات کا اعلان
☆ ☆ ☆ ☆
45
عوام کے مسائل حل کرنے کیلئے اقدامات کا اعلان
حل کرنے کیلئے اقدامات کا اعلان کیا ہے اور
اقدامات کا اعلان کیا ہے اور متعلقہ اداروں کو
کیا ہے اور متعلقہ اداروں کو ہدایات جاری کر
متعلقہ اداروں کو ہدایات جاری کر دی گئی ہیں
ہدایات جاری کر دی گئی ہیں اسلام آباد حکومت
دی گئی ہیں اسلام آباد حکومت نے عوام کے
اسلام آباد حکومت نے عوام کے مسائل حل کرنے
نے عوام کے مسائل حل کرنے کیلئے اقدامات کا
مسائل حل کرنے کیلئے اقدامات کا اعلان کیا ہے
کیلئے اقدامات کا اعلان کیا ہے اور متعلقہ اداروں
اعلان کیا ہے اور متعلقہ اداروں کو ہدایات جاری
اور متعلقہ اداروں کو ہدایات جاری کر دی گئی
کو ہدایات جاری کر دی گئی ہیں اسلام آباد
☆ ☆ ☆ ☆
46
عوام کے مسائل حل کرنے کیلئے اقدامات کا اعلان
حل کرنے کیلئے اقدامات کا اعلان کیا ہے اور
اقدامات کا اعلان کیا ہے اور متعلقہ اداروں کو
کیا ہے اور متعلقہ اداروں کو ہدایات جاری کر
متعلقہ اداروں کو ہدایات جاری کر دی گئی ہیں
ہدایات جاری کر دی گئی ہیں اسلام آباد حکومت
دی گئی ہیں اسلام آباد حکومت نے عوام کے
اسلام آباد حکومت نے عوام کے مسائل حل کرنے
نے عوام کے مسائل حل کرنے کیلئے اقدامات کا
مسائل حل کرنے کیلئے اقدامات کا اعلان کیا ہے
کیلئے اقدامات کا اعلان کیا ہے اور متعلقہ اداروں
اعلان کیا ہے اور متعلقہ اداروں کو ہدایات جاری
☆ ☆ ☆ ☆
47
عوام کے مسائل حل کرنے کیلئے اقدامات کا اعلان
حل کرنے کیلئے اقدامات کا اعلان کیا ہے اور
اقدامات کا اعلان کیا ہے اور متعلقہ اداروں کو
کیا ہے اور متعلقہ اداروں کو ہدایات جاری کر
متعلقہ اداروں کو ہدایات جاری کر دی گئی ہیں
ہدایات جاری کر دی گئی ہیں اسلام آباد حکومت
دی گئی ہیں اسلام آباد حکومت نے عوام کے
اسلام آباد حکومت نے عوام کے مسائل حل کرنے
نے عوام کے مسائل حل کرنے کیلئے اقدامات کا
مسائل حل کرنے کیلئے اقدامات کا اعلان کیا ہے
☆ ☆ ☆ ☆
48
کے مسائل حل کرنے کیلئے اقدامات کا اعلان کیا
کرنے کیلئے اقدامات کا اعلان کیا ہے اور متعلقہ
کا اعلان کیا ہے اور متعلقہ اداروں کو ہدایات
ہے اور متعلقہ اداروں کو ہدایات جاری کر دی
اداروں کو ہدایات جاری کر دی گئی ہیں اسلام
جاری کر دی گئی ہیں اسلام آباد حکومت نے
گئی ہیں اسلام آباد حکومت نے عوام کے مسائل
آباد حکومت نے عوام کے مسائل حل کرنے کیلئے
عوام کے مسائل حل کرنے کیلئے اقدامات کا اعلان
حل کرنے کیلئے اقدامات کا اعلان کیا ہے اور
اقدامات کا اعلان کیا ہے اور متعلقہ اداروں کو
کیا ہے اور متعلقہ اداروں کو ہدایات جاری کر
متعلقہ اداروں کو ہدایات جاری کر دی گئی ہیں
ہدایات جاری کر دی گئی ہیں اسلام آباد حکومت
☆ ☆ ☆ ☆
49
کے مسائل حل کرنے کیلئے اقدامات کا اعلان کیا
کرنے کیلئے اقدامات کا اعلان کیا ہے اور متعلقہ
کا اعلان کیا ہے اور متعلقہ اداروں کو ہدایات
ہے اور متعلقہ اداروں کو ہدایات جاری کر دی
اداروں کو ہدایات جاری کر دی گئی ہیں اسلام
جاری کر دی گئی ہیں اسلام آباد حکومت نے
گئی ہیں اسلام آباد حکومت نے عوام کے مسائل
آباد حکومت نے عوام کے مسائل حل کرنے کیلئے
عوام کے مسائل حل کرنے کیلئے اقدامات کا اعلان
حل کرنے کیلئے اقدامات کا اعلان کیا ہے اور
☆ ☆ ☆ ☆
50
کے مسائل حل کرنے کیلئے اقدامات کا اعلان کیا
کرنے کیلئے اقدامات کا اعلان کیا ہے اور متعلقہ
کا اعلان کیا ہے اور متعلقہ اداروں کو ہدایات
ہے اور متعلقہ اداروں کو ہدایات جاری کر دی
اداروں کو ہدایات جاری کر دی گئی ہیں اسلام
جاری کر دی گئی ہیں اسلام آباد حکومت نے
گئی ہیں اسلام آباد حکومت نے عوام کے مسائل
آباد حکومت نے عوام کے مسائل حل کرنے کیلئے
عوام کے مسائل حل کرنے کیلئے اقدامات کا اعلان
حل کرنے کیلئے اقدامات کا اعلان کیا ہے اور
☆ ☆ ☆ ☆
51
کے مسائل حل کرنے کیلئے اقدامات کا اعلان کیا
کرنے کیلئے اقدامات کا اعلان کیا ہے اور متعلقہ
کا اعلان کیا ہے اور متعلقہ اداروں کو ہدایات
ہے اور متعلقہ اداروں کو ہدایات جاری کر دی
اداروں کو ہدایات جاری کر دی گئی ہیں اسلام
جاری کر دی گئی ہیں اسلام آباد حکومت نے
گئی ہیں اسلام آباد حکومت نے عوام کے مسائل
آباد حکومت نے عوام کے مسائل حل کرنے کیلئے
عوام کے مسائل حل کرنے کیلئے اقدامات کا اعلان
حل کرنے کیلئے اقدامات کا اعلان کیا ہے اور
اقدامات کا اعلان کیا ہے اور متعلقہ اداروں کو
کیا ہے اور متعلقہ اداروں کو ہدایات جاری کر
متعلقہ اداروں کو ہدایات جاری کر دی گئی ہیں
☆ ☆ ☆ ☆
52
کے مسائل حل کرنے کیلئے اقدامات کا اعلان کیا
کرنے کیلئے اقدامات کا اعلان کیا ہے اور متعلقہ
کا اعلان کیا ہے اور متعلقہ اداروں کو ہدایات
ہے اور متعلقہ اداروں کو ہدایات جاری کر دی
اداروں کو ہدایات جاری کر دی گئی ہیں اسلام
جاری کر دی گئی ہیں اسلام آباد حکومت نے
گئی ہیں اسلام آباد حکومت نے عوام کے مسائل
آباد حکومت نے عوام کے مسائل حل کرنے کیلئے
عوام کے مسائل حل کرنے کیلئے اقدامات کا اعلان
حل کرنے کیلئے اقدامات کا اعلان کیا ہے اور
اقدامات کا اعلان کیا ہے اور متعلقہ اداروں کو
کیا ہے اور متعلقہ اداروں کو ہدایات جاری کر
متعلقہ اداروں کو ہدایات جاری کر دی گئی ہیں
ہدایات جاری کر دی گئی ہیں اسلام آباد حکومت
دی گئی ہیں اسلام آباد حکومت نے عوام کے
اسلام آباد حکومت نے عوام کے مسائل حل کرنے
☆ ☆ ☆ ☆
53
کے مسائل حل کرنے کیلئے اقدامات کا اعلان کیا
کرنے کیلئے اقدامات کا اعلان کیا ہے اور متعلقہ
کا اعلان کیا ہے اور متعلقہ اداروں کو ہدایات
ہے اور متعلقہ اداروں کو ہدایات جاری کر دی
اداروں کو ہدایات جاری کر دی گئی ہیں اسلام
جاری کر دی گئی ہیں اسلام آباد حکومت نے
گئی ہیں اسلام آباد حکومت نے عوام کے مسائل
آباد حکومت نے عوام کے مسائل حل کرنے کیلئے
عوام کے مسائل حل کرنے کیلئے اقدامات کا اعلان
حل کرنے کیلئے اقدامات کا اعلان کیا ہے اور
اقدامات کا اعلان کیا ہے اور متعلقہ اداروں کو
کیا ہے اور متعلقہ اداروں کو ہدایات جاری کر
متعلقہ اداروں کو ہدایات جاری کر دی گئی ہیں
ہدایات جاری کر دی گئی ہیں اسلام آباد حکومت
دی گئی ہیں اسلام آباد حکومت نے عوام کے
☆ ☆ ☆ ☆
54
کے مسائل حل کرنے کیلئے اقدامات کا اعلان کیا
کرنے کیلئے اقدامات کا اعلان کیا ہے اور متعلقہ
کا اعلان کیا ہے اور متعلقہ اداروں کو ہدایات
ہے اور متعلقہ اداروں کو ہدایات جاری کر دی
اداروں کو ہدایات جاری کر دی گئی ہیں اسلام
جاری کر دی گئی ہیں اسلام آباد حکومت نے
گئی ہیں اسلام آباد حکومت نے عوام کے مسائل
آباد حکومت نے عوام کے مسائل حل کرنے کیلئے
عوام کے مسائل حل کرنے کیلئے اقدامات کا اعلان
حل کرنے کیلئے اقدامات کا اعلان کیا ہے اور
اقدامات کا اعلان کیا ہے اور متعلقہ اداروں کو
کیا ہے اور متعلقہ اداروں کو ہدایات جاری کر
☆ ☆ ☆ ☆
55
کے مسائل حل کرنے کیلئے اقدامات کا اعلان کیا
کرنے کیلئے اقدامات کا اعلان کیا ہے اور متعلقہ
کا اعلان کیا ہے اور متعلقہ اداروں کو ہدایات
ہے اور متعلقہ اداروں کو ہدایات جاری کر دی
اداروں کو ہدایات جاری کر دی گئی ہیں اسلام
جاری کر دی گئی ہیں اسلام آباد حکومت نے
گئی ہیں اسلام آباد حکومت نے عوام کے مسائل
آباد حکومت نے عوام کے مسائل حل کرنے کیلئے
☆ ☆ ☆ ☆
56
مسائل حل کرنے کیلئے اقدامات کا اعلان کیا ہے
کیلئے اقدامات کا اعلان کیا ہے اور متعلقہ اداروں
اعلان کیا ہے اور متعلقہ اداروں کو ہدایات جاری
اور متعلقہ اداروں کو ہدایات جاری کر دی گئی
کو ہدایات جاری کر دی گئی ہیں اسلام آباد
کر دی گئی ہیں اسلام آباد حکومت نے عوام
ہیں اسلام آباد حکومت نے عوام کے مسائل حل
حکومت نے عوام کے مسائل حل کرنے کیلئے اقدامات
کے مسائل حل کرنے کیلئے اقدامات کا اعلان کیا
کرنے کیلئے اقدامات کا اعلان کیا ہے اور متعلقہ
کا اعلان کیا ہے اور متعلقہ اداروں کو ہدایات
ہے اور متعلقہ اداروں کو ہدایات جاری کر دی
اداروں کو ہدایات جاری کر دی گئی ہیں اسلام
جاری کر دی گئی ہیں اسلام آباد حکومت نے
گئی ہیں اسلام آباد حکومت نے عوام کے مسائل
آباد حکومت نے عوام کے مسائل حل کرنے کیلئے
عوام کے مسائل حل کرنے کیلئے اقدامات کا اعلان
☆ ☆ ☆ ☆
57
مسائل حل کرنے کیلئے اقدامات کا اعلان کیا ہے
کیلئے اقدامات کا اعلان کیا ہے اور متعلقہ اداروں
اعلان کیا ہے اور متعلقہ اداروں کو ہدایات جاری
اور متعلقہ اداروں کو ہدایات جاری کر دی گئی
کو ہدایات جاری کر دی گئی ہیں اسلام آباد
کر دی گئی ہیں اسلام آباد حکومت نے عوام
ہیں اسلام آباد حکومت نے عوام کے مسائل حل
حکومت نے عوام کے مسائل حل کرنے کیلئے اقدامات
کے مسائل حل کرنے کیلئے اقدامات کا اعلان کیا
کرنے کیلئے اقدامات کا اعلان کیا ہے اور متعلقہ
کا اعلان کیا ہے اور متعلقہ اداروں کو ہدایات
ہے اور متعلقہ اداروں کو ہدایات جاری کر دی
اداروں کو ہدایات جاری کر دی گئی ہیں اسلام
جاری کر دی گئی ہیں اسلام آباد حکومت نے
گئی ہیں اسلام آباد حکومت نے عوام کے مسائل
آباد حکومت نے عوام کے مسائل حل کرنے کیلئے
عوام کے مسائل حل کرنے کیلئے اقدامات کا اعلان
حل کرنے کیلئے اقدامات کا اعلان کیا ہے اور
اقدامات کا اعلان کیا ہے اور متعلقہ اداروں کو
کیا ہے اور متعلقہ اداروں کو ہدایات جاری کر
متعلقہ اداروں کو ہدایات جاری کر دی گئی ہیں
☆ ☆ ☆ ☆
58
مسائل حل کرنے کیلئے اقدامات کا اعلان کیا ہے
کیلئے اقدامات کا اعلان کیا ہے اور متعلقہ اداروں
اعلان کیا ہے اور متعلقہ اداروں کو ہدایات جاری
اور متعلقہ اداروں کو ہدایات جاری کر دی گئی
کو ہدایات جاری کر دی گئی ہیں اسلام آباد
کر دی گئی ہیں اسلام آباد حکومت نے عوام
ہیں اسلام آباد حکومت نے عوام کے مسائل حل
حکومت نے عوام کے مسائل حل کرنے کیلئے اقدامات
کے مسائل حل کرنے کیلئے اقدامات کا اعلان کیا
کرنے کیلئے اقدامات کا اعلان کیا ہے اور متعلقہ
کا اعلان کیا ہے اور متعلقہ اداروں کو ہدایات
ہے اور متعلقہ اداروں کو ہدایات جاری کر دی
اداروں کو ہدایات جاری کر دی گئی ہیں اسلام
جاری کر دی گئی ہیں اسلام آباد حکومت نے
گئی ہیں اسلام آباد حکومت نے عوام کے مسائل
آباد حکومت نے عوام کے مسائل حل کرنے کیلئے
عوام کے مسائل حل کرنے کیلئے اقدامات کا اعلان
حل کرنے کیلئے اقدامات کا اعلان کیا ہے اور
اقدامات کا اعلان کیا ہے اور متعلقہ اداروں کو
کیا ہے اور متعلقہ اداروں کو ہدایات جاری کر
متعلقہ اداروں کو ہدایات جاری کر دی گئی ہیں
ہدایات جاری کر دی گئی ہیں اسلام آباد حکومت
دی گئی ہیں اسلام آباد حکومت نے عوام کے
اسلام آباد حکومت نے عوام کے مسائل حل کرنے
نے عوام کے مسائل حل کرنے کیلئے اقدامات کا
مسائل حل کرنے کیلئے اقدامات کا اعلان کیا ہے
کیلئے اقدامات کا اعلان کیا ہے اور متعلقہ اداروں
اعلان کیا ہے اور متعلقہ اداروں کو ہدایات جاری
☆ ☆ ☆ ☆
59
مسائل حل کرنے کیلئے اقدامات کا اعلان کیا ہے
کیلئے اقدامات کا اعلان کیا ہے اور متعلقہ اداروں
اعلان کیا ہے اور متعلقہ اداروں کو ہدایات جاری
اور متعلقہ اداروں کو ہدایات جاری کر دی گئی
کو ہدایات جاری کر دی گئی ہیں اسلام آباد
کر دی گئی ہیں اسلام آباد حکومت نے عوام
ہیں اسلام آباد حکومت نے عوام کے مسائل حل
حکومت نے عوام کے مسائل حل کرنے کیلئے اقدامات
کے مسائل حل کرنے کیلئے اقدامات کا اعلان کیا
کرنے کیلئے اقدامات کا اعلان کیا ہے اور متعلقہ
کا اعلان کیا ہے اور متعلقہ اداروں کو ہدایات
ہے اور متعلقہ اداروں کو ہدایات جاری کر دی
☆ ☆ ☆ ☆
60
مسائل حل کرنے کیلئے اقدامات کا اعلان کیا ہے
کیلئے اقدامات کا اعلان کیا ہے اور متعلقہ اداروں
اعلان کیا ہے اور متعلقہ اداروں کو ہدایات جاری
اور متعلقہ اداروں کو ہدایات جاری کر دی گئی
کو ہدایات جاری کر دی گئی ہیں اسلام آباد
کر دی گئی ہیں اسلام آباد حکومت نے عوام
ہیں اسلام آباد حکومت نے عوام کے مسائل حل
حکومت نے عوام کے مسائل حل کرنے کیلئے اقدامات
کے مسائل حل کرنے کیلئے اقدامات کا اعلان کیا
کرنے کیلئے اقدامات کا اعلان کیا ہے اور متعلقہ
کا اعلان کیا ہے اور متعلقہ اداروں کو ہدایات
ہے اور متعلقہ اداروں کو ہدایات جاری کر دی
☆ ☆ ☆ ☆
61
حل کرنے کیلئے اقدامات کا اعلان کیا ہے اور
اقدامات کا اعلان کیا ہے اور متعلقہ اداروں کو
کیا ہے اور متعلقہ اداروں کو ہدایات جاری کر
متعلقہ اداروں کو ہدایات جاری کر دی گئی ہیں
ہدایات جاری کر دی گئی ہیں اسلام آباد حکومت
دی گئی ہیں اسلام آباد حکومت نے عوام کے
اسلام آباد حکومت نے عوام کے مسائل حل کرنے
نے عوام کے مسائل حل کرنے کیلئے اقدامات کا
مسائل حل کرنے کیلئے اقدامات کا اعلان کیا ہے
کیلئے اقدامات کا اعلان کیا ہے اور متعلقہ اداروں
اعلان کیا ہے اور متعلقہ اداروں کو ہدایات جاری
اور متعلقہ اداروں کو ہدایات جاری کر دی گئی
کو ہدایات جاری کر دی گئی ہیں اسلام آباد
کر دی گئی ہیں اسلام آباد حکومت نے عوام
ہیں اسلام آباد حکومت نے عوام کے مسائل حل
حکومت نے عوام کے مسائل حل کرنے کیلئے اقدامات
کے مسائل حل کرنے کیلئے اقدامات کا اعلان کیا
کرنے کیلئے اقدامات کا اعلان کیا ہے اور متعلقہ
کا اعلان کیا ہے اور متعلقہ اداروں کو ہدایات
ہے اور متعلقہ اداروں کو ہدایات جاری کر دی
اداروں کو ہدایات جاری کر دی گئی ہیں اسلام
جاری کر دی گئی ہیں اسلام آباد حکومت نے
گئی ہیں اسلام آباد حکومت نے عوام کے مسائل
آباد حکومت نے عوام کے مسائل حل کرنے کیلئے
عوام کے مسائل حل کرنے کیلئے اقدامات کا اعلان
حل کرنے کیلئے اقدامات کا اعلان کیا ہے اور
اقدامات کا اعلان کیا ہے اور متعلقہ اداروں کو
کیا ہے اور متعلقہ اداروں کو ہدایات جاری کر
متعلقہ اداروں کو ہدایات جاری کر دی گئی ہیں
ہدایات جاری کر دی گئی ہیں اسلام آباد حکومت
دی گئی ہیں اسلام آباد حکومت نے عوام کے
اسلام آباد حکومت نے عوام کے مسائل حل کرنے
نے عوام کے مسائل حل کرنے کیلئے اقدامات کا
مسائل حل کرنے کیلئے اقدامات کا اعلان کیا ہے
☆ ☆ ☆ ☆
62
حل کرنے کیلئے اقدامات کا اعلان کیا ہے اور
اقدامات کا اعلان کیا ہے اور متعلقہ اداروں کو
کیا ہے اور متعلقہ اداروں کو ہدایات جاری کر
متعلقہ اداروں کو ہدایات جاری کر دی گئی ہیں
ہدایات جاری کر دی گئی ہیں اسلام آباد حکومت
دی گئی ہیں اسلام آباد حکومت نے عوام کے
اسلام آباد حکومت نے عوام کے مسائل حل کرنے
نے عوام کے مسائل حل کرنے کیلئے اقدامات کا
مسائل حل کرنے کیلئے اقدامات کا اعلان کیا ہے
کیلئے اقدامات کا اعلان کیا ہے اور متعلقہ اداروں
اعلان کیا ہے اور متعلقہ اداروں کو ہدایات جاری
اور متعلقہ اداروں کو ہدایات جاری کر دی گئی
کو ہدایات جاری کر دی گئی ہیں اسلام آباد
کر دی گئی ہیں اسلام آباد حکومت نے عوام
ہیں اسلام آباد حکومت نے عوام کے مسائل حل
حکومت نے عوام کے مسائل حل کرنے کیلئے اقدامات
کے مسائل حل کرنے کیلئے اقدامات کا اعلان کیا
کرنے کیلئے اقدامات کا اعلان کیا ہے اور متعلقہ
کا اعلان کیا ہے اور متعلقہ اداروں کو ہدایات
ہے اور متعلقہ اداروں کو ہدایات جاری کر دی
اداروں کو ہدایات جاری کر دی گئی ہیں اسلام
جاری کر دی گئی ہیں اسلام آباد حکومت نے
گئی ہیں اسلام آباد حکومت نے عوام کے مسائل
آباد حکومت نے عوام کے مسائل حل کرنے کیلئے
عوام کے مسائل حل کرنے کیلئے اقدامات کا اعلان
حل کرنے کیلئے اقدامات کا اعلان کیا ہے اور
اقدامات کا اعلان کیا ہے اور متعلقہ اداروں کو
کیا ہے اور متعلقہ اداروں کو ہدایات جاری کر
☆ ☆ ☆ ☆
63
حل کرنے کیلئے اقدامات کا اعلان کیا ہے اور
اقدامات کا اعلان کیا ہے اور متعلقہ اداروں کو
کیا ہے اور متعلقہ اداروں کو ہدایات جاری کر
متعلقہ اداروں کو ہدایات جاری کر دی گئی ہیں
ہدایات جاری کر دی گئی ہیں اسلام آباد حکومت
دی گئی ہیں اسلام آباد حکومت نے عوام کے
اسلام آباد حکومت نے عوام کے مسائل حل کرنے
نے عوام کے مسائل حل کرنے کیلئے اقدامات کا
مسائل حل کرنے کیلئے اقدامات کا اعلان کیا ہے
کیلئے اقدامات کا اعلان کیا ہے اور متعلقہ اداروں
اعلان کیا ہے اور متعلقہ اداروں کو ہدایات جاری
اور متعلقہ اداروں کو ہدایات جاری کر دی گئی
کو ہدایات جاری کر دی گئی ہیں اسلام آباد
کر دی گئی ہیں اسلام آباد حکومت نے عوام
ہیں اسلام آباد حکومت نے عوام کے مسائل حل
حکومت نے عوام کے مسائل حل کرنے کیلئے اقدامات
کے مسائل حل کرنے کیلئے اقدامات کا اعلان کیا
☆ ☆ ☆ ☆
64
حل کرنے کیلئے اقدامات کا اعلان کیا ہے اور
اقدامات کا اعلان کیا ہے اور متعلقہ اداروں کو
کیا ہے اور متعلقہ اداروں کو ہدایات جاری کر
متعلقہ اداروں کو ہدایات جاری کر دی گئی ہیں
ہدایات جاری کر دی گئی ہیں اسلام آباد حکومت
دی گئی ہیں اسلام آباد حکومت نے عوام کے
اسلام آباد حکومت نے عوام کے مسائل حل کرنے
نے عوام کے مسائل حل کرنے کیلئے اقدامات کا
مسائل حل کرنے کیلئے اقدامات کا اعلان کیا ہے
کیلئے اقدامات کا اعلان کیا ہے اور متعلقہ اداروں
☆ ☆ ☆ ☆
65
حل کرنے کیلئے اقدامات کا اعلان کیا ہے اور
اقدامات کا اعلان کیا ہے اور متعلقہ اداروں کو
کیا ہے اور متعلقہ اداروں کو ہدایات جاری کر
متعلقہ اداروں کو ہدایات جاری کر دی گئی ہیں
ہدایات جاری کر دی گئی ہیں اسلام آباد حکومت
دی گئی ہیں اسلام آباد حکومت نے عوام کے
اسلام آباد حکومت نے عوام کے مسائل حل کرنے
نے عوام کے مسائل حل کرنے کیلئے اقدامات کا
مسائل حل کرنے کیلئے اقدامات کا اعلان کیا ہے
کیلئے اقدامات کا اعلان کیا ہے اور متعلقہ اداروں
اعلان کیا ہے اور متعلقہ اداروں کو ہدایات جاری
اور متعلقہ اداروں کو ہدایات جاری کر دی گئی
کو ہدایات جاری کر دی گئی ہیں اسلام آباد
کر دی گئی ہیں اسلام آباد حکومت نے عوام
☆ ☆ ☆ ☆
66
حل کرنے کیلئے اقدامات کا اعلان کیا ہے اور
اقدامات کا اعلان کیا ہے اور متعلقہ اداروں کو
کیا ہے اور متعلقہ اداروں کو ہدایات جاری کر
متعلقہ اداروں کو ہدایات جاری کر دی گئی ہیں
ہدایات جاری کر دی گئی ہیں اسلام آباد حکومت
